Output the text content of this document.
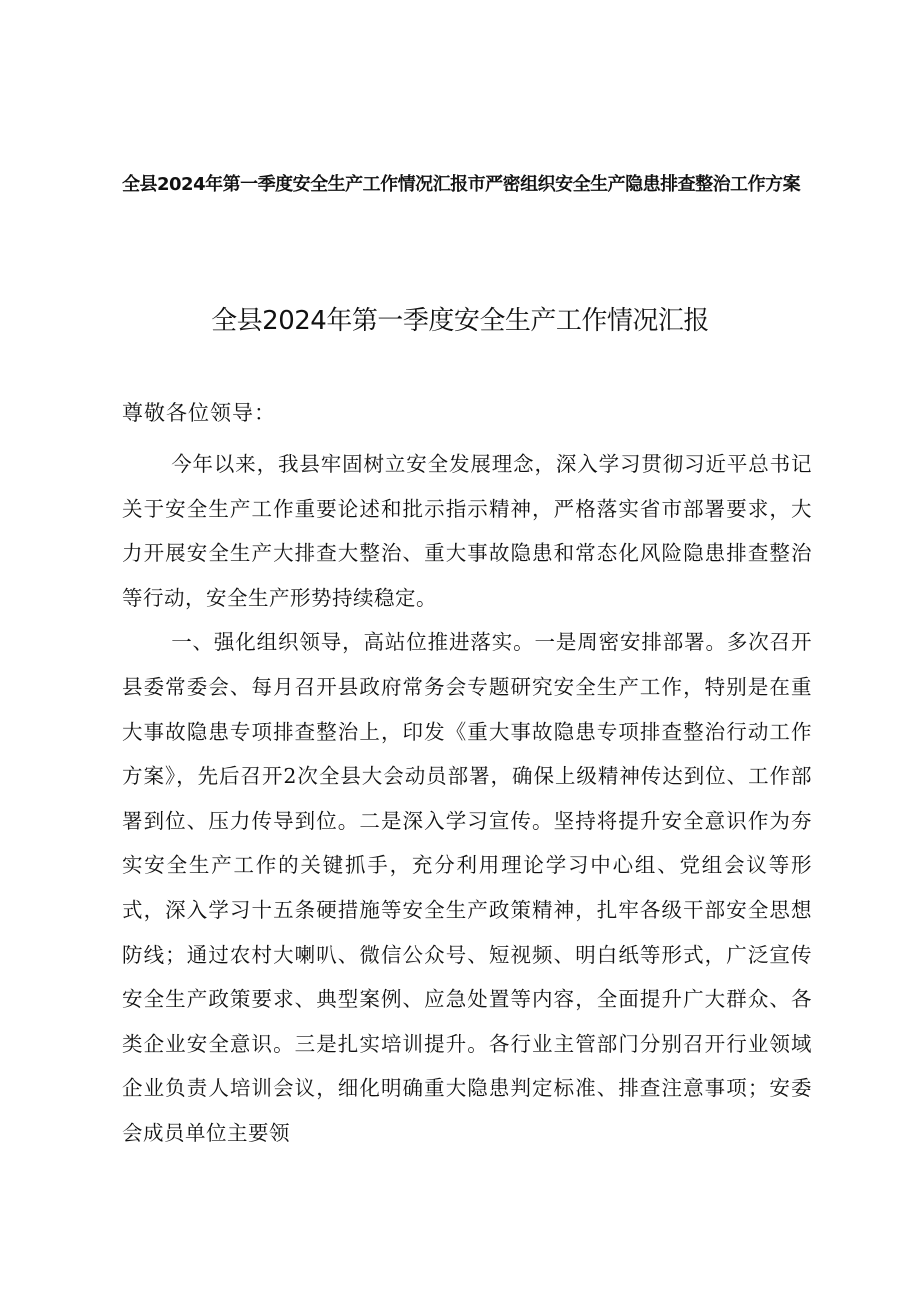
全县2024年第一季度安全生产工作情况汇报市严密组织安全生产隐患排查整治工作方案
全县2024年第一季度安全生产工作情况汇报
尊敬各位领导：

今年以来，我县牢固树立安全发展理念，深入学习贯彻习近平总书记关于安全生产工作重要论述和批示指示精神，严格落实省市部署要求，大力开展安全生产大排查大整治、重大事故隐患和常态化风险隐患排查整治等行动，安全生产形势持续稳定。

一、强化组织领导，高站位推进落实。一是周密安排部署。多次召开县委常委会、每月召开县政府常务会专题研究安全生产工作，特别是在重大事故隐患专项排查整治上，印发《重大事故隐患专项排查整治行动工作方案》，先后召开2次全县大会动员部署，确保上级精神传达到位、工作部署到位、压力传导到位。二是深入学习宣传。坚持将提升安全意识作为夯实安全生产工作的关键抓手，充分利用理论学习中心组、党组会议等形式，深入学习十五条硬措施等安全生产政策精神，扎牢各级干部安全思想防线；通过农村大喇叭、微信公众号、短视频、明白纸等形式，广泛宣传安全生产政策要求、典型案例、应急处置等内容，全面提升广大群众、各类企业安全意识。三是扎实培训提升。各行业主管部门分别召开行业领域企业负责人培训会议，细化明确重大隐患判定标准、排查注意事项；安委会成员单位主要领
